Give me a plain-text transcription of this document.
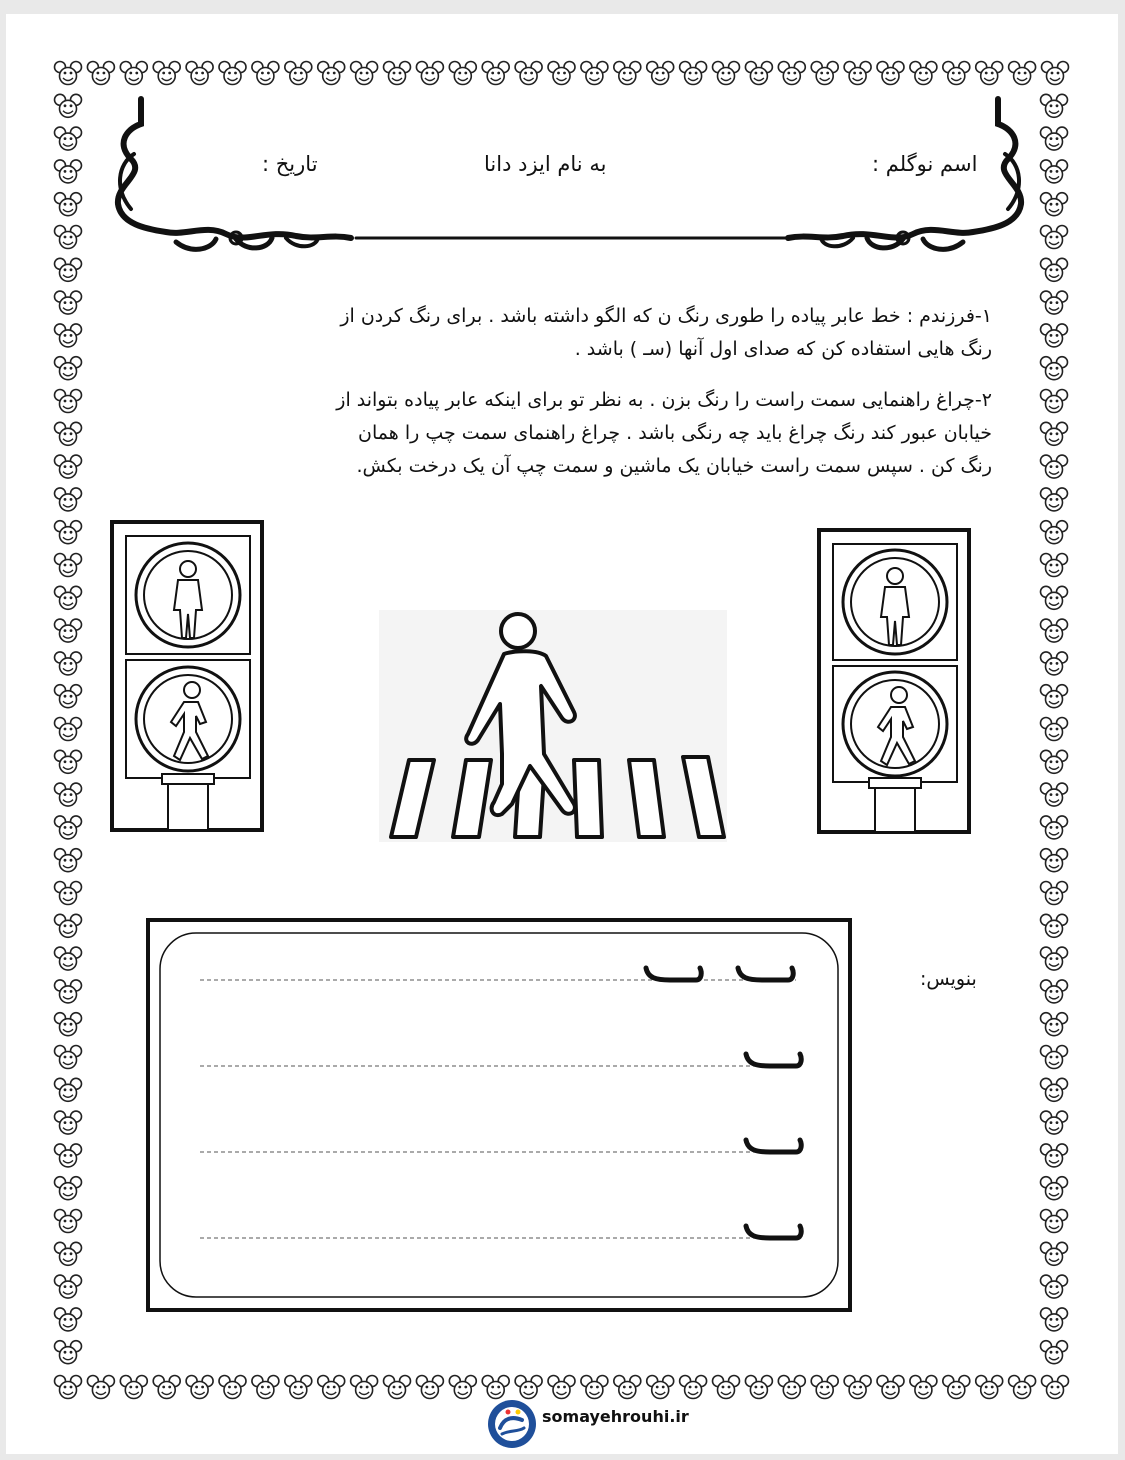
اسم نوگلم :
به نام ایزد دانا
تاریخ :
۱-فرزندم : خط عابر پیاده را طوری رنگ ن که الگو داشته باشد . برای رنگ کردن از
رنگ هایی استفاده کن که صدای اول آنها (سـ ) باشد .
۲-چراغ راهنمایی سمت راست را رنگ بزن . به نظر تو برای اینکه عابر پیاده بتواند از
خیابان عبور کند رنگ چراغ باید چه رنگی باشد . چراغ راهنمای سمت چپ را همان
رنگ کن . سپس سمت راست خیابان یک ماشین و سمت چپ آن یک درخت بکش.
بنویس:
somayehrouhi.ir
